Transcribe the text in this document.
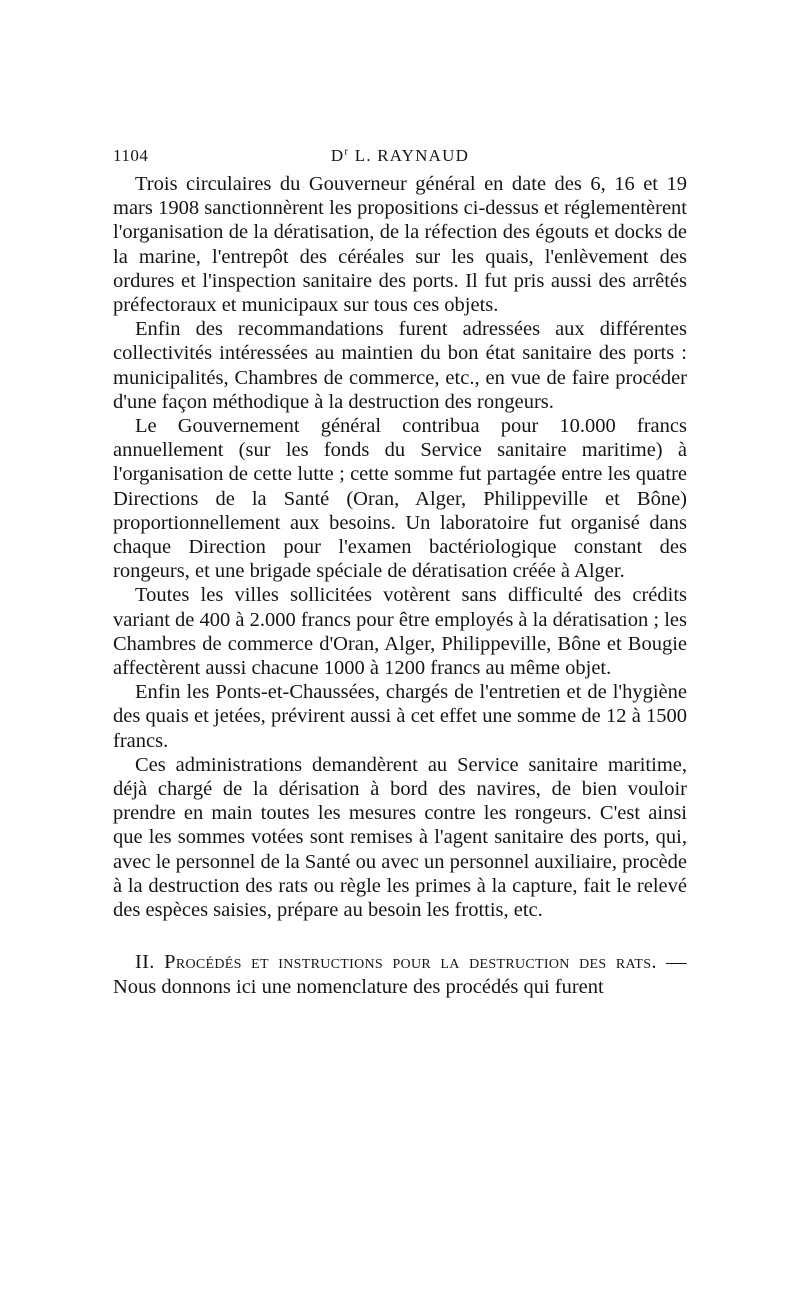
1104	$D^r$ L. RAYNAUD

Trois circulaires du Gouverneur général en date des 6, 16 et 19 mars 1908 sanctionnèrent les propositions ci-dessus et réglementèrent l'organisation de la dératisation, de la réfection des égouts et docks de la marine, l'entrepôt des céréales sur les quais, l'enlèvement des ordures et l'inspection sanitaire des ports. Il fut pris aussi des arrêtés préfectoraux et municipaux sur tous ces objets.

Enfin des recommandations furent adressées aux différentes collectivités intéressées au maintien du bon état sanitaire des ports : municipalités, Chambres de commerce, etc., en vue de faire procéder d'une façon méthodique à la destruction des rongeurs.

Le Gouvernement général contribua pour 10.000 francs annuellement (sur les fonds du Service sanitaire maritime) à l'organisation de cette lutte ; cette somme fut partagée entre les quatre Directions de la Santé (Oran, Alger, Philippeville et Bône) proportionnellement aux besoins. Un laboratoire fut organisé dans chaque Direction pour l'examen bactériologique constant des rongeurs, et une brigade spéciale de dératisation créée à Alger.

Toutes les villes sollicitées votèrent sans difficulté des crédits variant de 400 à 2.000 francs pour être employés à la dératisation ; les Chambres de commerce d'Oran, Alger, Philippeville, Bône et Bougie affectèrent aussi chacune 1000 à 1200 francs au même objet.

Enfin les Ponts-et-Chaussées, chargés de l'entretien et de l'hygiène des quais et jetées, prévirent aussi à cet effet une somme de 12 à 1500 francs.

Ces administrations demandèrent au Service sanitaire maritime, déjà chargé de la dérisation à bord des navires, de bien vouloir prendre en main toutes les mesures contre les rongeurs. C'est ainsi que les sommes votées sont remises à l'agent sanitaire des ports, qui, avec le personnel de la Santé ou avec un personnel auxiliaire, procède à la destruction des rats ou règle les primes à la capture, fait le relevé des espèces saisies, prépare au besoin les frottis, etc.

II. Procédés et instructions pour la destruction des rats. — Nous donnons ici une nomenclature des procédés qui furent
